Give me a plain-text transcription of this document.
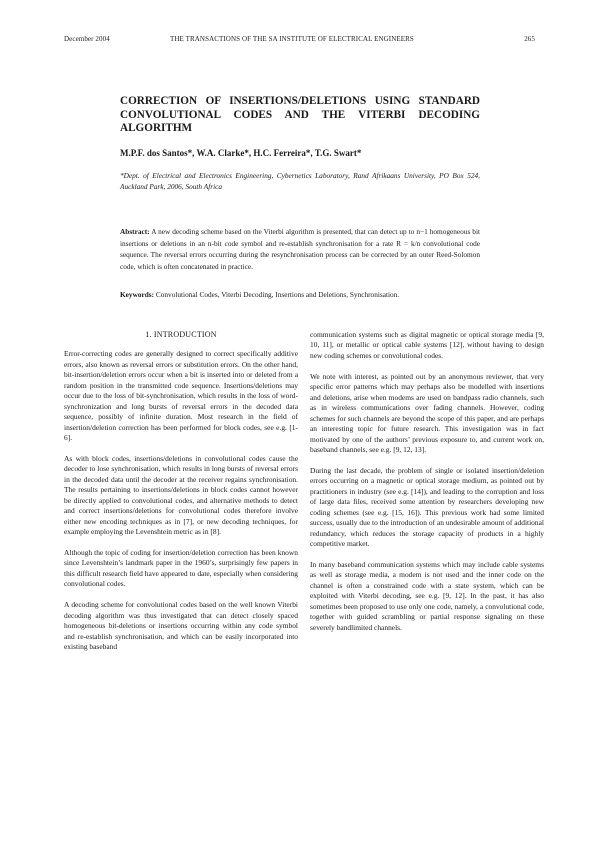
December 2004	THE TRANSACTIONS OF THE SA INSTITUTE OF ELECTRICAL ENGINEERS	265
CORRECTION OF INSERTIONS/DELETIONS USING STANDARD CONVOLUTIONAL CODES AND THE VITERBI DECODING ALGORITHM
M.P.F. dos Santos*, W.A. Clarke*, H.C. Ferreira*, T.G. Swart*
*Dept. of Electrical and Electronics Engineering, Cybernetics Laboratory, Rand Afrikaans University, PO Box 524, Auckland Park, 2006, South Africa
Abstract: A new decoding scheme based on the Viterbi algorithm is presented, that can detect up to n−1 homogeneous bit insertions or deletions in an n-bit code symbol and re-establish synchronisation for a rate R = k/n convolutional code sequence. The reversal errors occurring during the resynchronisation process can be corrected by an outer Reed-Solomon code, which is often concatenated in practice.
Keywords: Convolutional Codes, Viterbi Decoding, Insertions and Deletions, Synchronisation.
1. INTRODUCTION

Error-correcting codes are generally designed to correct specifically additive errors, also known as reversal errors or substitution errors. On the other hand, bit-insertion/deletion errors occur when a bit is inserted into or deleted from a random position in the transmitted code sequence. Insertions/deletions may occur due to the loss of bit-synchronisation, which results in the loss of word-synchronization and long bursts of reversal errors in the decoded data sequence, possibly of infinite duration. Most research in the field of insertion/deletion correction has been performed for block codes, see e.g. [1-6].

As with block codes, insertions/deletions in convolutional codes cause the decoder to lose synchronisation, which results in long bursts of reversal errors in the decoded data until the decoder at the receiver regains synchronisation. The results pertaining to insertions/deletions in block codes cannot however be directly applied to convolutional codes, and alternative methods to detect and correct insertions/deletions for convolutional codes therefore involve either new encoding techniques as in [7], or new decoding techniques, for example employing the Levenshtein metric as in [8].

Although the topic of coding for insertion/deletion correction has been known since Levenshtein’s landmark paper in the 1960’s, surprisingly few papers in this difficult research field have appeared to date, especially when considering convolutional codes.

A decoding scheme for convolutional codes based on the well known Viterbi decoding algorithm was thus investigated that can detect closely spaced homogeneous bit-deletions or insertions occurring within any code symbol and re-establish synchronisation, and which can be easily incorporated into existing baseband

communication systems such as digital magnetic or optical storage media [9, 10, 11], or metallic or optical cable systems [12], without having to design new coding schemes or convolutional codes.

We note with interest, as pointed out by an anonymous reviewer, that very specific error patterns which may perhaps also be modelled with insertions and deletions, arise when modems are used on bandpass radio channels, such as in wireless communications over fading channels. However, coding schemes for such channels are beyond the scope of this paper, and are perhaps an interesting topic for future research. This investigation was in fact motivated by one of the authors’ previous exposure to, and current work on, baseband channels, see e.g. [9, 12, 13].

During the last decade, the problem of single or isolated insertion/deletion errors occurring on a magnetic or optical storage medium, as pointed out by practitioners in industry (see e.g. [14]), and leading to the corruption and loss of large data files, received some attention by researchers developing new coding schemes (see e.g. [15, 16]). This previous work had some limited success, usually due to the introduction of an undesirable amount of additional redundancy, which reduces the storage capacity of products in a highly competitive market.

In many baseband communication systems which may include cable systems as well as storage media, a modem is not used and the inner code on the channel is often a constrained code with a state system, which can be exploited with Viterbi decoding, see e.g. [9, 12]. In the past, it has also sometimes been proposed to use only one code, namely, a convolutional code, together with guided scrambling or partial response signaling on these severely bandlimited channels.
